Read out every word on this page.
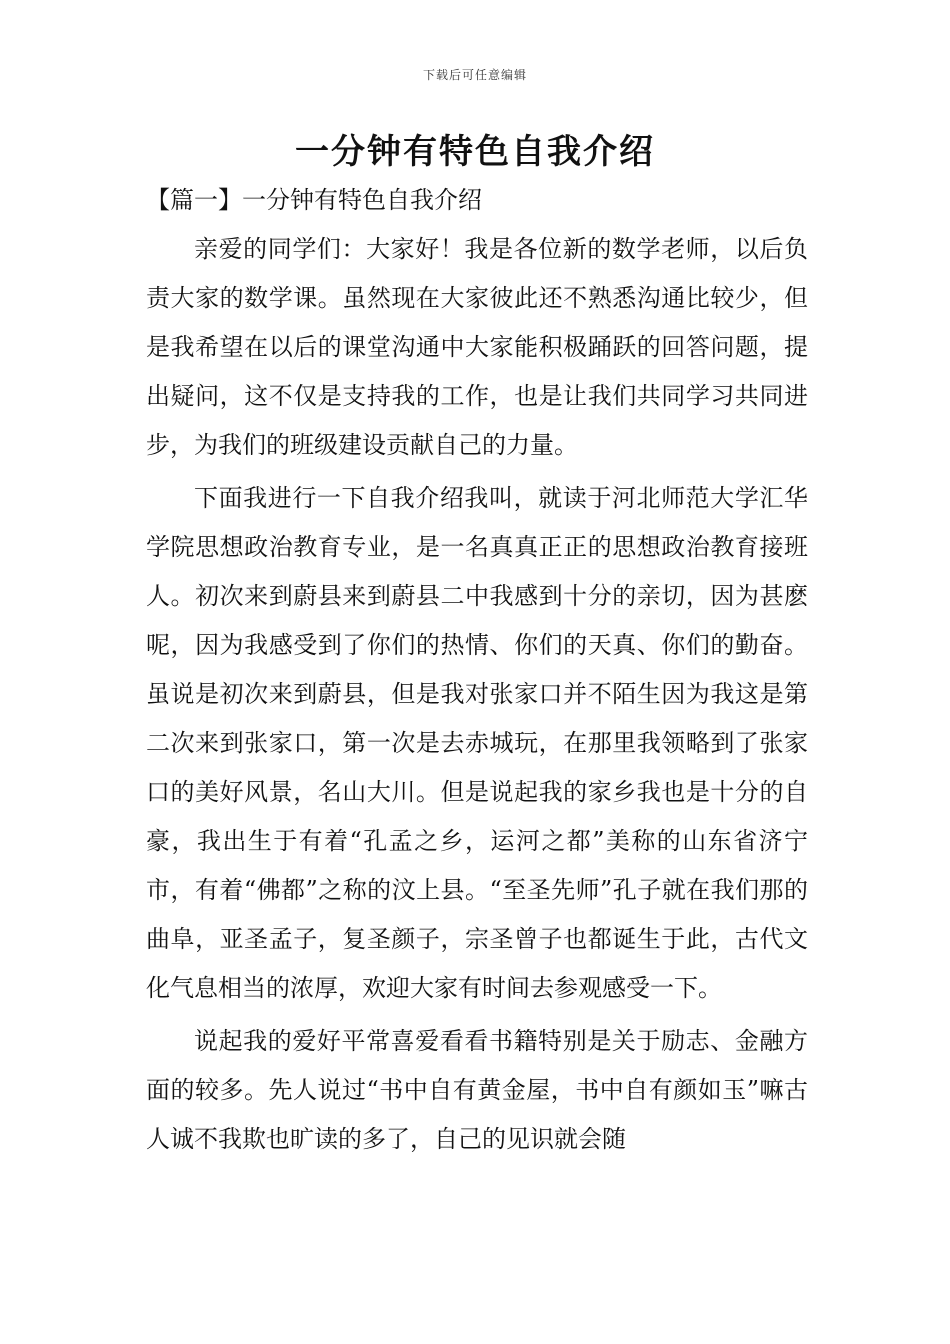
下载后可任意编辑
一分钟有特色自我介绍
【篇一】一分钟有特色自我介绍

亲爱的同学们：大家好！我是各位新的数学老师，以后负责大家的数学课。虽然现在大家彼此还不熟悉沟通比较少，但是我希望在以后的课堂沟通中大家能积极踊跃的回答问题，提出疑问，这不仅是支持我的工作，也是让我们共同学习共同进步，为我们的班级建设贡献自己的力量。

下面我进行一下自我介绍我叫，就读于河北师范大学汇华学院思想政治教育专业，是一名真真正正的思想政治教育接班人。初次来到蔚县来到蔚县二中我感到十分的亲切，因为甚麽呢，因为我感受到了你们的热情、你们的天真、你们的勤奋。虽说是初次来到蔚县，但是我对张家口并不陌生因为我这是第二次来到张家口，第一次是去赤城玩，在那里我领略到了张家口的美好风景，名山大川。但是说起我的家乡我也是十分的自豪，我出生于有着“孔孟之乡，运河之都”美称的山东省济宁市，有着“佛都”之称的汶上县。“至圣先师”孔子就在我们那的曲阜，亚圣孟子，复圣颜子，宗圣曾子也都诞生于此，古代文化气息相当的浓厚，欢迎大家有时间去参观感受一下。

说起我的爱好平常喜爱看看书籍特别是关于励志、金融方面的较多。先人说过“书中自有黄金屋，书中自有颜如玉”嘛古人诚不我欺也旷读的多了，自己的见识就会随
